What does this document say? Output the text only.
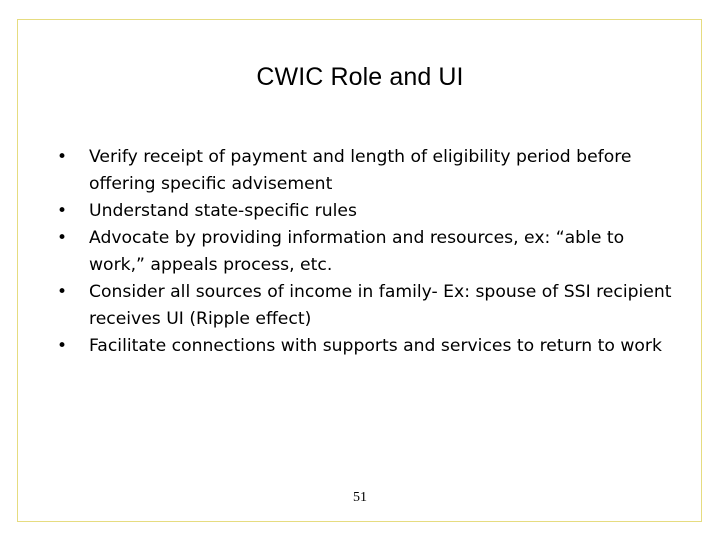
CWIC Role and UI
• Verify receipt of payment and length of eligibility period before offering specific advisement
• Understand state-specific rules
• Advocate by providing information and resources, ex: “able to work,” appeals process, etc.
• Consider all sources of income in family- Ex: spouse of SSI recipient receives UI (Ripple effect)
• Facilitate connections with supports and services to return to work
51
